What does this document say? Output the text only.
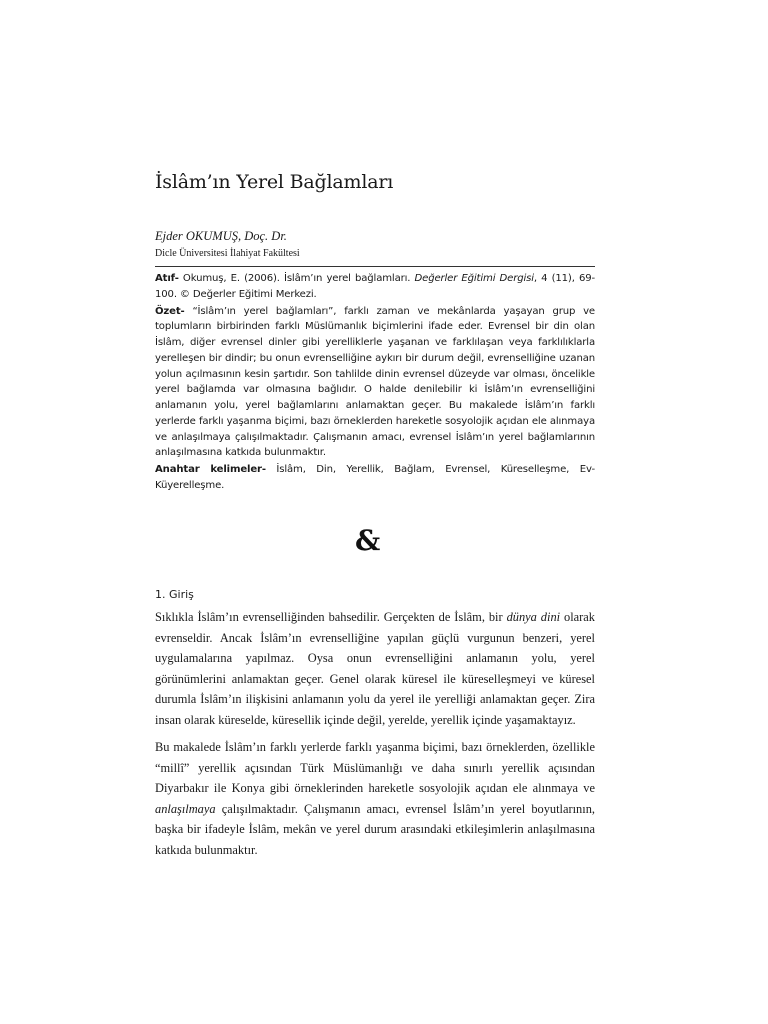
İslâm’ın Yerel Bağlamları
Ejder OKUMUŞ, Doç. Dr.
Dicle Üniversitesi İlahiyat Fakültesi

Atıf- Okumuş, E. (2006). İslâm’ın yerel bağlamları. Değerler Eğitimi Dergisi, 4 (11), 69-100. © Değerler Eğitimi Merkezi.

Özet- “İslâm’ın yerel bağlamları”, farklı zaman ve mekânlarda yaşayan grup ve toplumların birbirinden farklı Müslümanlık biçimlerini ifade eder. Evrensel bir din olan İslâm, diğer evrensel dinler gibi yerelliklerle yaşanan ve farklılaşan veya farklılıklarla yerelleşen bir dindir; bu onun evrenselliğine aykırı bir durum değil, evrenselliğine uzanan yolun açılmasının kesin şartıdır. Son tahlilde dinin evrensel düzeyde var olması, öncelikle yerel bağlamda var olmasına bağlıdır. O halde denilebilir ki İslâm’ın evrenselliğini anlamanın yolu, yerel bağlamlarını anlamaktan geçer. Bu makalede İslâm’ın farklı yerlerde farklı yaşanma biçimi, bazı örneklerden hareketle sosyolojik açıdan ele alınmaya ve anlaşılmaya çalışılmaktadır. Çalışmanın amacı, evrensel İslâm’ın yerel bağlamlarının anlaşılmasına katkıda bulunmaktır.

Anahtar kelimeler- İslâm, Din, Yerellik, Bağlam, Evrensel, Küreselleşme, Ev-Küyerelleşme.

&
1. Giriş

Sıklıkla İslâm’ın evrenselliğinden bahsedilir. Gerçekten de İslâm, bir dünya dini olarak evrenseldir. Ancak İslâm’ın evrenselliğine yapılan güçlü vurgunun benzeri, yerel uygulamalarına yapılmaz. Oysa onun evrenselliğini anlamanın yolu, yerel görünümlerini anlamaktan geçer. Genel olarak küresel ile küreselleşmeyi ve küresel durumla İslâm’ın ilişkisini anlamanın yolu da yerel ile yerelliği anlamaktan geçer. Zira insan olarak küreselde, küresellik içinde değil, yerelde, yerellik içinde yaşamaktayız.

Bu makalede İslâm’ın farklı yerlerde farklı yaşanma biçimi, bazı örneklerden, özellikle “millî” yerellik açısından Türk Müslümanlığı ve daha sınırlı yerellik açısından Diyarbakır ile Konya gibi örneklerinden hareketle sosyolojik açıdan ele alınmaya ve anlaşılmaya çalışılmaktadır. Çalışmanın amacı, evrensel İslâm’ın yerel boyutlarının, başka bir ifadeyle İslâm, mekân ve yerel durum arasındaki etkileşimlerin anlaşılmasına katkıda bulunmaktır.
